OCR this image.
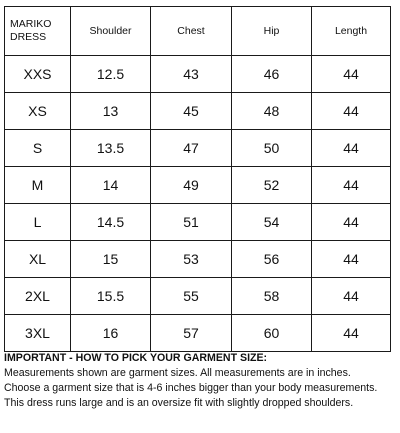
MARIKO
DRESS	Shoulder	Chest	Hip	Length
XXS	12.5	43	46	44
XS	13	45	48	44
S	13.5	47	50	44
M	14	49	52	44
L	14.5	51	54	44
XL	15	53	56	44
2XL	15.5	55	58	44
3XL	16	57	60	44
IMPORTANT - HOW TO PICK YOUR GARMENT SIZE:
Measurements shown are garment sizes. All measurements are in inches.
Choose a garment size that is 4-6 inches bigger than your body measurements.
This dress runs large and is an oversize fit with slightly dropped shoulders.
